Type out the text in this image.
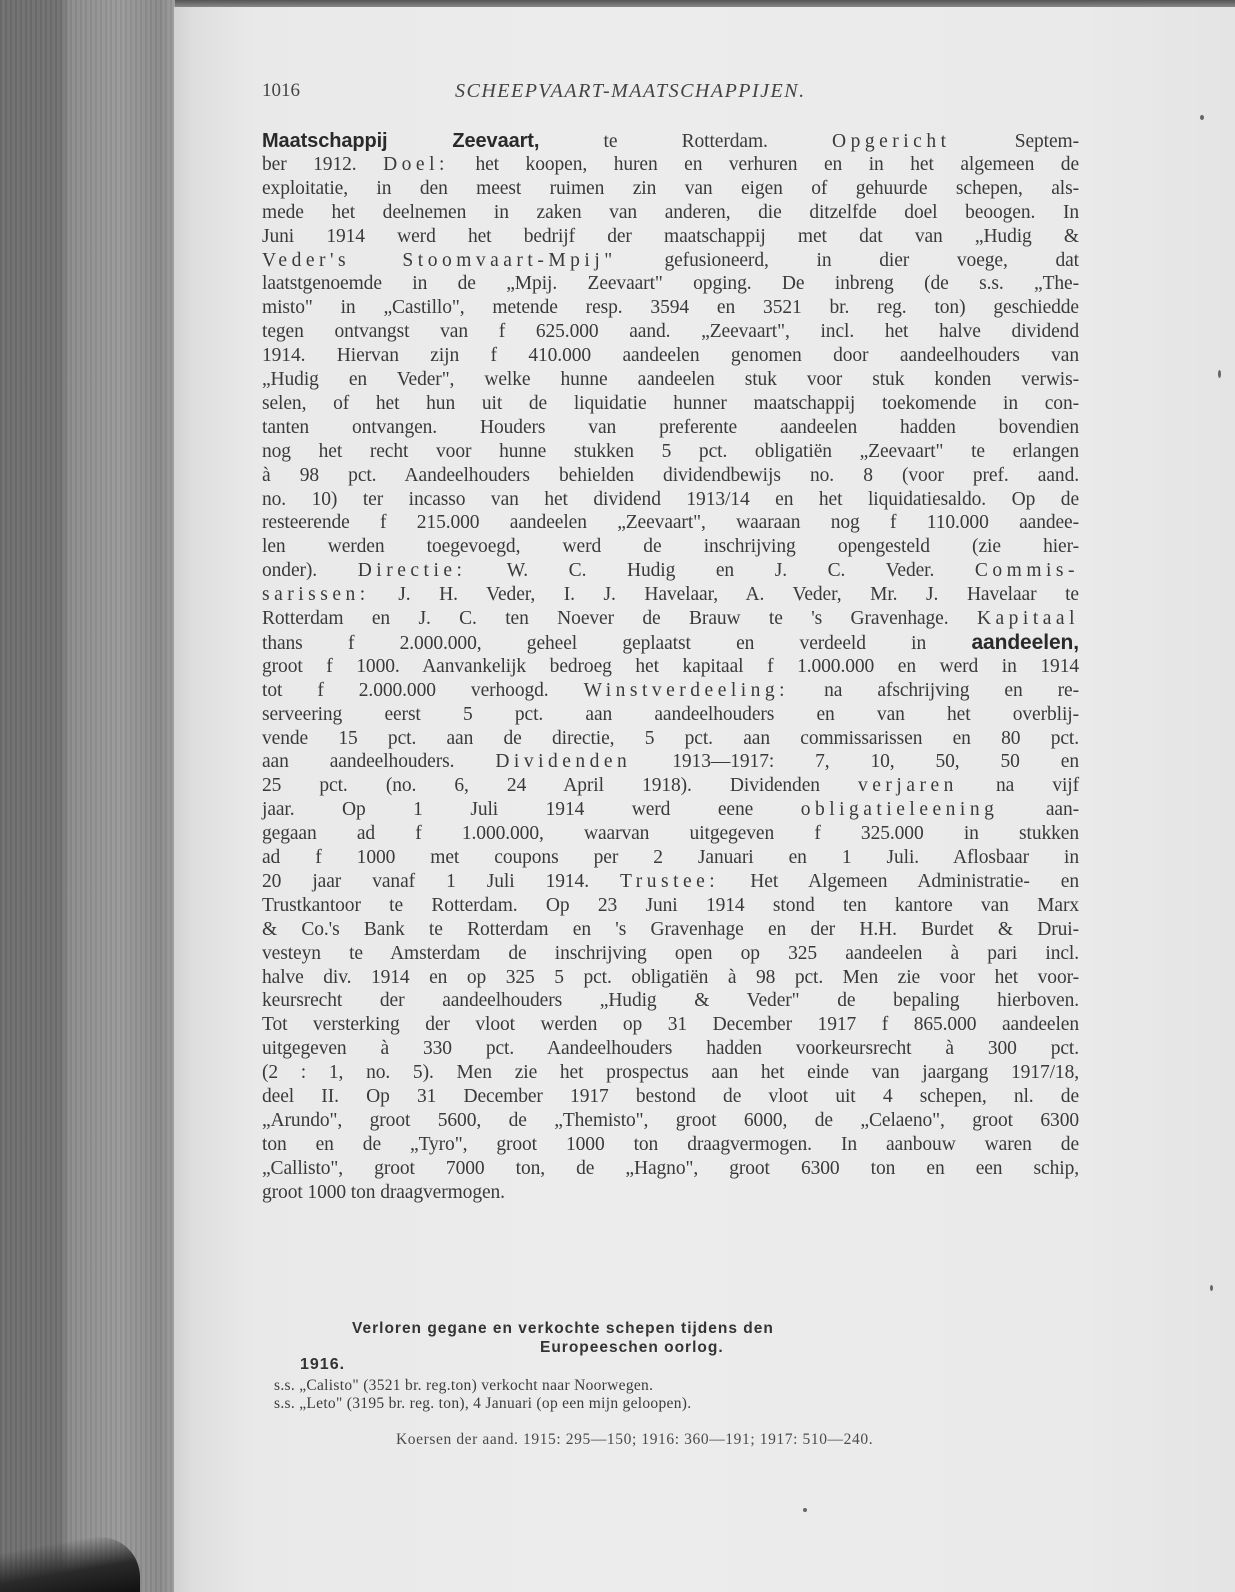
1016	SCHEEPVAART-MAATSCHAPPIJEN.
Maatschappij Zeevaart, te Rotterdam. Opgericht Septem-
ber 1912. Doel: het koopen, huren en verhuren en in het algemeen de
exploitatie, in den meest ruimen zin van eigen of gehuurde schepen, als-
mede het deelnemen in zaken van anderen, die ditzelfde doel beoogen. In
Juni 1914 werd het bedrijf der maatschappij met dat van „Hudig &
Veder's Stoomvaart-Mpij" gefusioneerd, in dier voege, dat
laatstgenoemde in de „Mpij. Zeevaart" opging. De inbreng (de s.s. „The-
misto" in „Castillo", metende resp. 3594 en 3521 br. reg. ton) geschiedde
tegen ontvangst van f 625.000 aand. „Zeevaart", incl. het halve dividend
1914. Hiervan zijn f 410.000 aandeelen genomen door aandeelhouders van
„Hudig en Veder", welke hunne aandeelen stuk voor stuk konden verwis-
selen, of het hun uit de liquidatie hunner maatschappij toekomende in con-
tanten ontvangen. Houders van preferente aandeelen hadden bovendien
nog het recht voor hunne stukken 5 pct. obligatiën „Zeevaart" te erlangen
à 98 pct. Aandeelhouders behielden dividendbewijs no. 8 (voor pref. aand.
no. 10) ter incasso van het dividend 1913/14 en het liquidatiesaldo. Op de
resteerende f 215.000 aandeelen „Zeevaart", waaraan nog f 110.000 aandee-
len werden toegevoegd, werd de inschrijving opengesteld (zie hier-
onder). Directie: W. C. Hudig en J. C. Veder. Commis-
sarissen: J. H. Veder, I. J. Havelaar, A. Veder, Mr. J. Havelaar te
Rotterdam en J. C. ten Noever de Brauw te 's Gravenhage. Kapitaal
thans f 2.000.000, geheel geplaatst en verdeeld in aandeelen,
groot f 1000. Aanvankelijk bedroeg het kapitaal f 1.000.000 en werd in 1914
tot f 2.000.000 verhoogd. Winstverdeeling: na afschrijving en re-
serveering eerst 5 pct. aan aandeelhouders en van het overblij-
vende 15 pct. aan de directie, 5 pct. aan commissarissen en 80 pct.
aan aandeelhouders. Dividenden 1913—1917: 7, 10, 50, 50 en
25 pct. (no. 6, 24 April 1918). Dividenden verjaren na vijf
jaar. Op 1 Juli 1914 werd eene obligatieleening aan-
gegaan ad f 1.000.000, waarvan uitgegeven f 325.000 in stukken
ad f 1000 met coupons per 2 Januari en 1 Juli. Aflosbaar in
20 jaar vanaf 1 Juli 1914. Trustee: Het Algemeen Administratie- en
Trustkantoor te Rotterdam. Op 23 Juni 1914 stond ten kantore van Marx
& Co.'s Bank te Rotterdam en 's Gravenhage en der H.H. Burdet & Drui-
vesteyn te Amsterdam de inschrijving open op 325 aandeelen à pari incl.
halve div. 1914 en op 325 5 pct. obligatiën à 98 pct. Men zie voor het voor-
keursrecht der aandeelhouders „Hudig & Veder" de bepaling hierboven.
Tot versterking der vloot werden op 31 December 1917 f 865.000 aandeelen
uitgegeven à 330 pct. Aandeelhouders hadden voorkeursrecht à 300 pct.
(2 : 1, no. 5). Men zie het prospectus aan het einde van jaargang 1917/18,
deel II. Op 31 December 1917 bestond de vloot uit 4 schepen, nl. de
„Arundo", groot 5600, de „Themisto", groot 6000, de „Celaeno", groot 6300
ton en de „Tyro", groot 1000 ton draagvermogen. In aanbouw waren de
„Callisto", groot 7000 ton, de „Hagno", groot 6300 ton en een schip,
groot 1000 ton draagvermogen.
Verloren gegane en verkochte schepen tijdens den
Europeeschen oorlog.
1916.
s.s. „Calisto" (3521 br. reg.ton) verkocht naar Noorwegen.
s.s. „Leto" (3195 br. reg. ton), 4 Januari (op een mijn geloopen).
Koersen der aand. 1915: 295—150; 1916: 360—191; 1917: 510—240.
